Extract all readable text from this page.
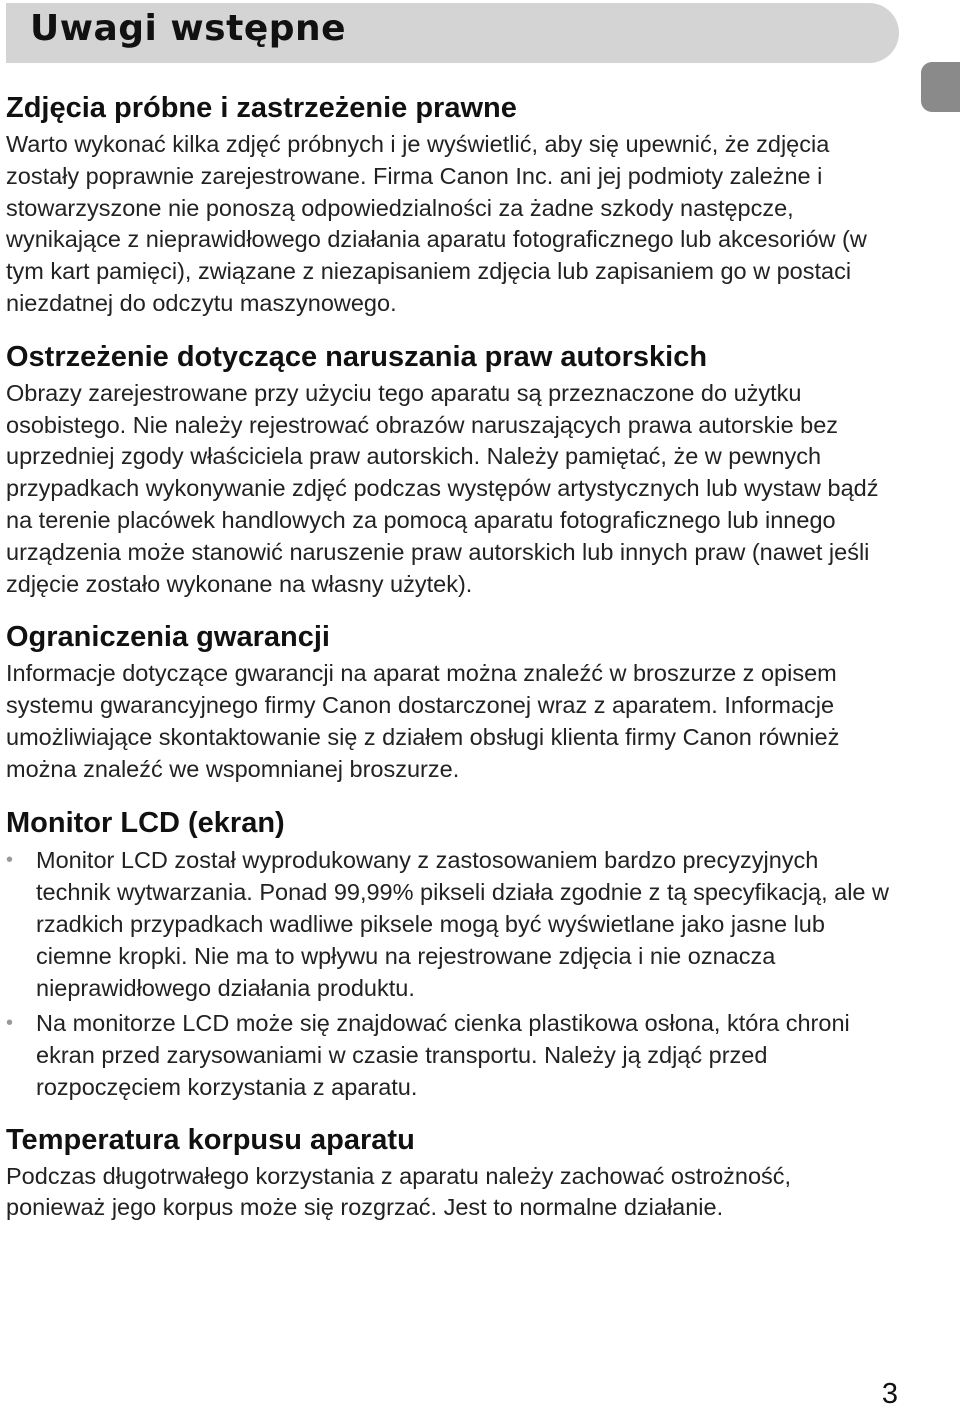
Uwagi wstępne
Zdjęcia próbne i zastrzeżenie prawne

Warto wykonać kilka zdjęć próbnych i je wyświetlić, aby się upewnić, że zdjęcia zostały poprawnie zarejestrowane. Firma Canon Inc. ani jej podmioty zależne i stowarzyszone nie ponoszą odpowiedzialności za żadne szkody następcze, wynikające z nieprawidłowego działania aparatu fotograficznego lub akcesoriów (w tym kart pamięci), związane z niezapisaniem zdjęcia lub zapisaniem go w postaci niezdatnej do odczytu maszynowego.

Ostrzeżenie dotyczące naruszania praw autorskich

Obrazy zarejestrowane przy użyciu tego aparatu są przeznaczone do użytku osobistego. Nie należy rejestrować obrazów naruszających prawa autorskie bez uprzedniej zgody właściciela praw autorskich. Należy pamiętać, że w pewnych przypadkach wykonywanie zdjęć podczas występów artystycznych lub wystaw bądź na terenie placówek handlowych za pomocą aparatu fotograficznego lub innego urządzenia może stanowić naruszenie praw autorskich lub innych praw (nawet jeśli zdjęcie zostało wykonane na własny użytek).

Ograniczenia gwarancji

Informacje dotyczące gwarancji na aparat można znaleźć w broszurze z opisem systemu gwarancyjnego firmy Canon dostarczonej wraz z aparatem. Informacje umożliwiające skontaktowanie się z działem obsługi klienta firmy Canon również można znaleźć we wspomnianej broszurze.

Monitor LCD (ekran)
• Monitor LCD został wyprodukowany z zastosowaniem bardzo precyzyjnych technik wytwarzania. Ponad 99,99% pikseli działa zgodnie z tą specyfikacją, ale w rzadkich przypadkach wadliwe piksele mogą być wyświetlane jako jasne lub ciemne kropki. Nie ma to wpływu na rejestrowane zdjęcia i nie oznacza nieprawidłowego działania produktu.
• Na monitorze LCD może się znajdować cienka plastikowa osłona, która chroni ekran przed zarysowaniami w czasie transportu. Należy ją zdjąć przed rozpoczęciem korzystania z aparatu.
Temperatura korpusu aparatu

Podczas długotrwałego korzystania z aparatu należy zachować ostrożność, ponieważ jego korpus może się rozgrzać. Jest to normalne działanie.

3
